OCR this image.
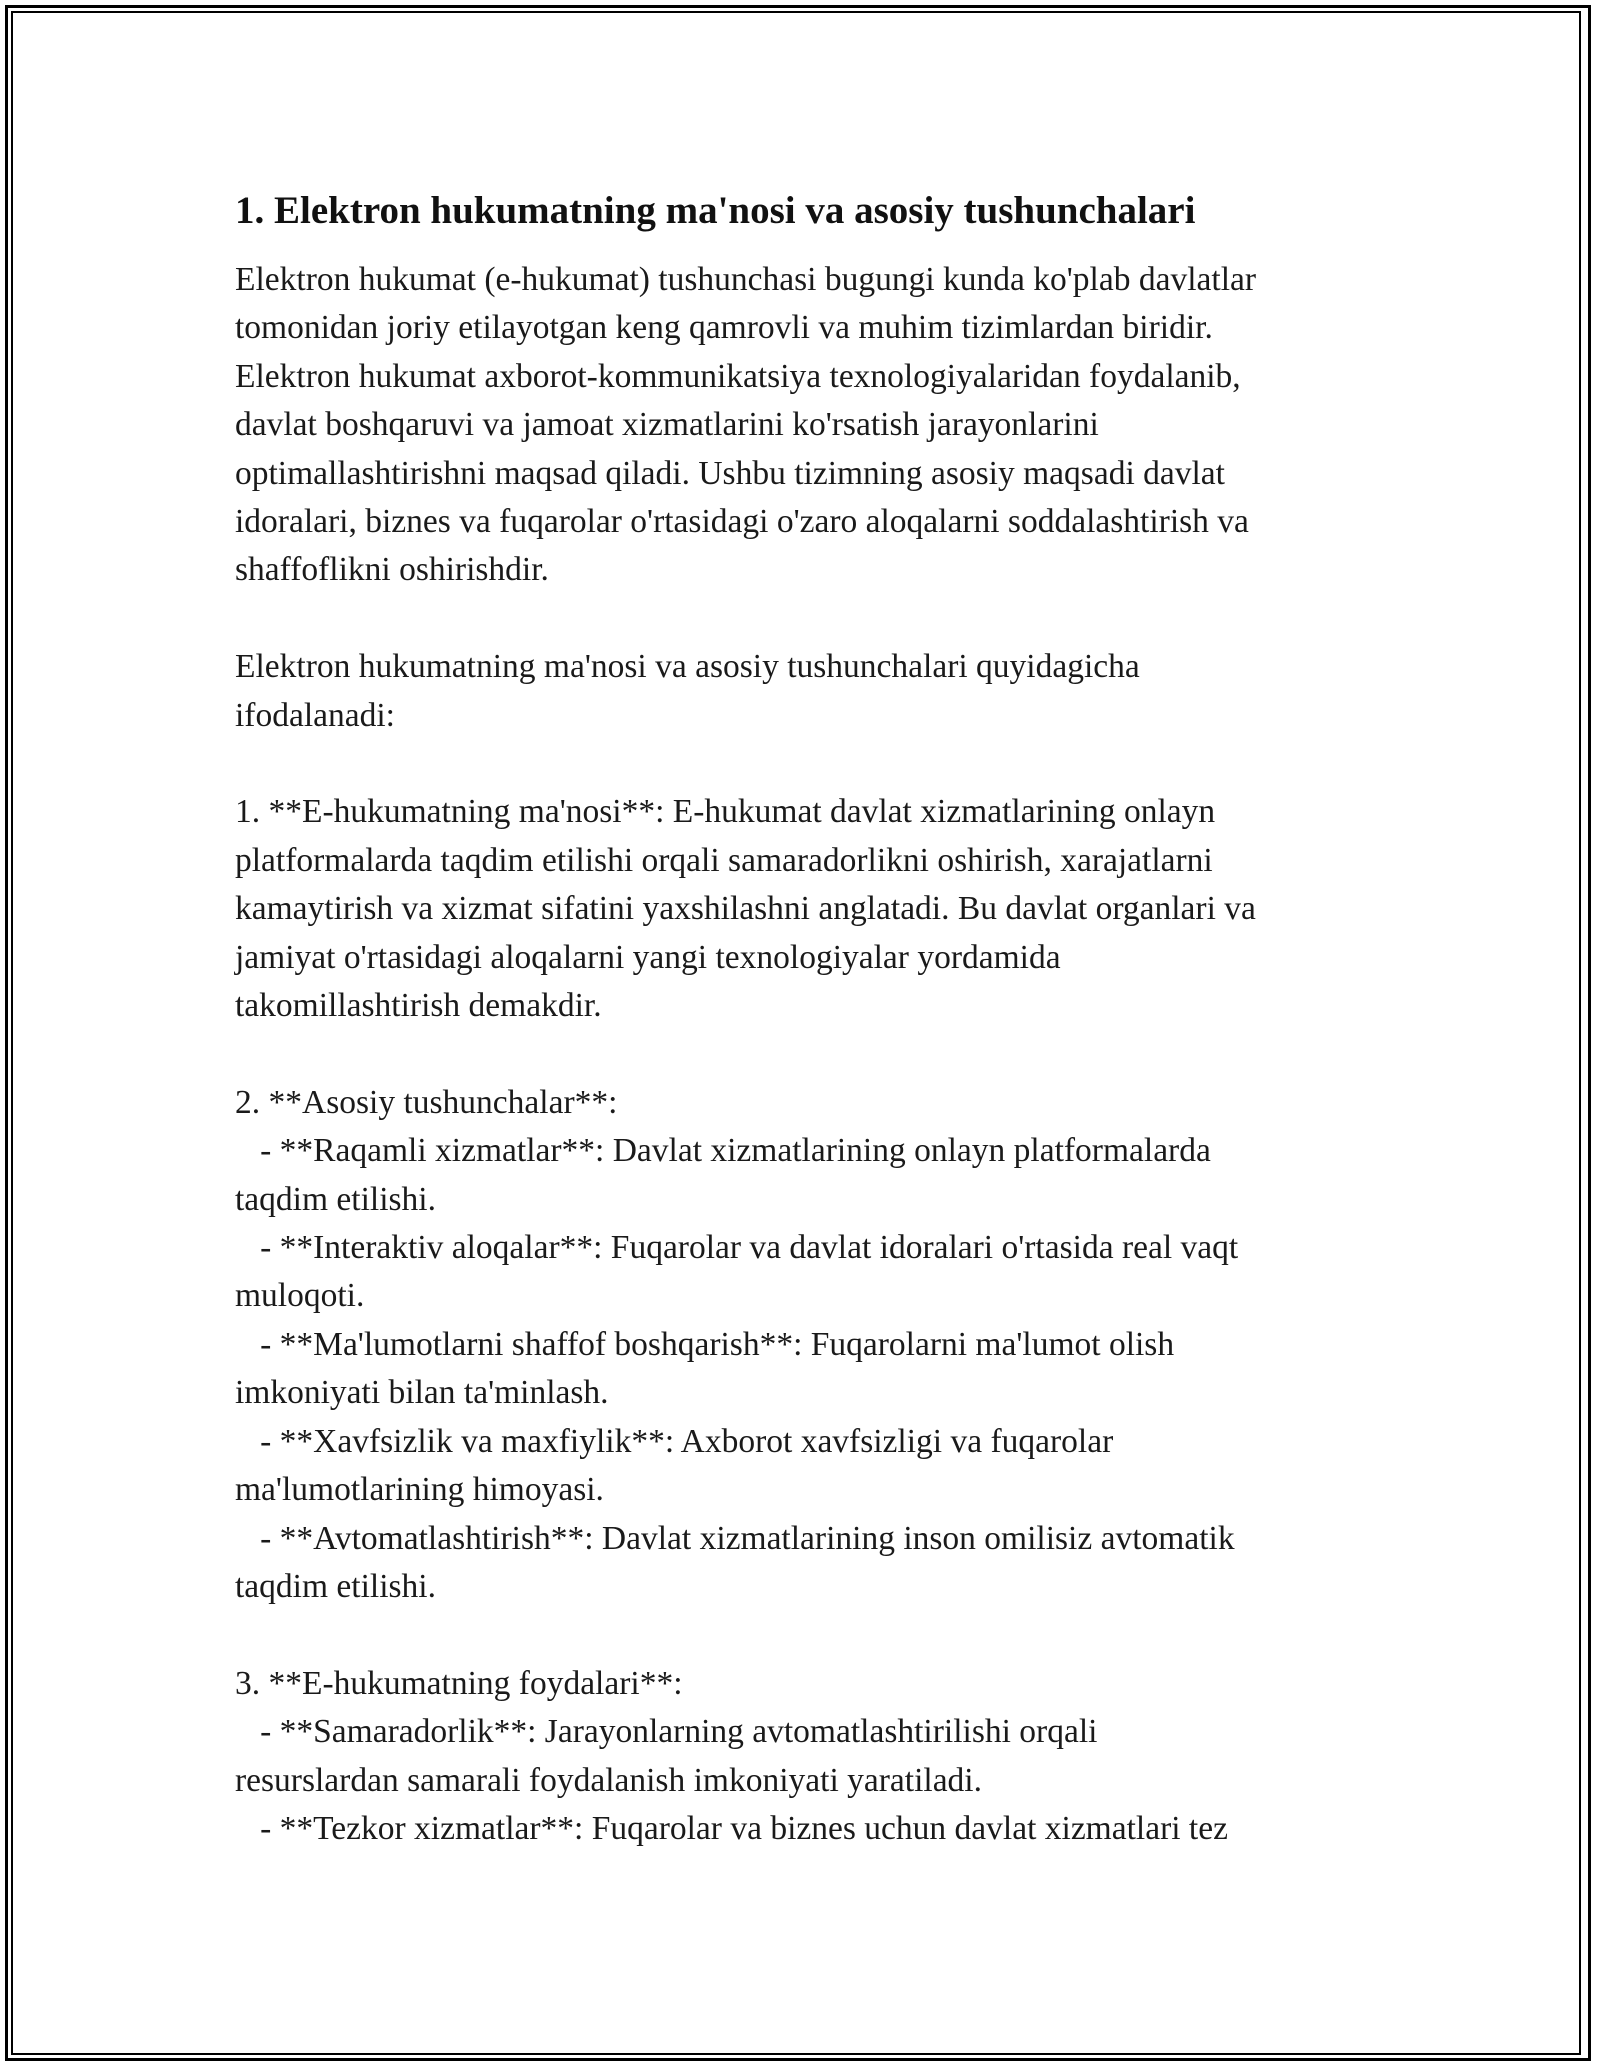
1. Elektron hukumatning ma'nosi va asosiy tushunchalari
Elektron hukumat (e-hukumat) tushunchasi bugungi kunda ko'plab davlatlar
tomonidan joriy etilayotgan keng qamrovli va muhim tizimlardan biridir.
Elektron hukumat axborot-kommunikatsiya texnologiyalaridan foydalanib,
davlat boshqaruvi va jamoat xizmatlarini ko'rsatish jarayonlarini
optimallashtirishni maqsad qiladi. Ushbu tizimning asosiy maqsadi davlat
idoralari, biznes va fuqarolar o'rtasidagi o'zaro aloqalarni soddalashtirish va
shaffoflikni oshirishdir.
Elektron hukumatning ma'nosi va asosiy tushunchalari quyidagicha
ifodalanadi:
1. **E-hukumatning ma'nosi**: E-hukumat davlat xizmatlarining onlayn
platformalarda taqdim etilishi orqali samaradorlikni oshirish, xarajatlarni
kamaytirish va xizmat sifatini yaxshilashni anglatadi. Bu davlat organlari va
jamiyat o'rtasidagi aloqalarni yangi texnologiyalar yordamida
takomillashtirish demakdir.
2. **Asosiy tushunchalar**:
- **Raqamli xizmatlar**: Davlat xizmatlarining onlayn platformalarda
taqdim etilishi.
- **Interaktiv aloqalar**: Fuqarolar va davlat idoralari o'rtasida real vaqt
muloqoti.
- **Ma'lumotlarni shaffof boshqarish**: Fuqarolarni ma'lumot olish
imkoniyati bilan ta'minlash.
- **Xavfsizlik va maxfiylik**: Axborot xavfsizligi va fuqarolar
ma'lumotlarining himoyasi.
- **Avtomatlashtirish**: Davlat xizmatlarining inson omilisiz avtomatik
taqdim etilishi.
3. **E-hukumatning foydalari**:
- **Samaradorlik**: Jarayonlarning avtomatlashtirilishi orqali
resurslardan samarali foydalanish imkoniyati yaratiladi.
- **Tezkor xizmatlar**: Fuqarolar va biznes uchun davlat xizmatlari tez
